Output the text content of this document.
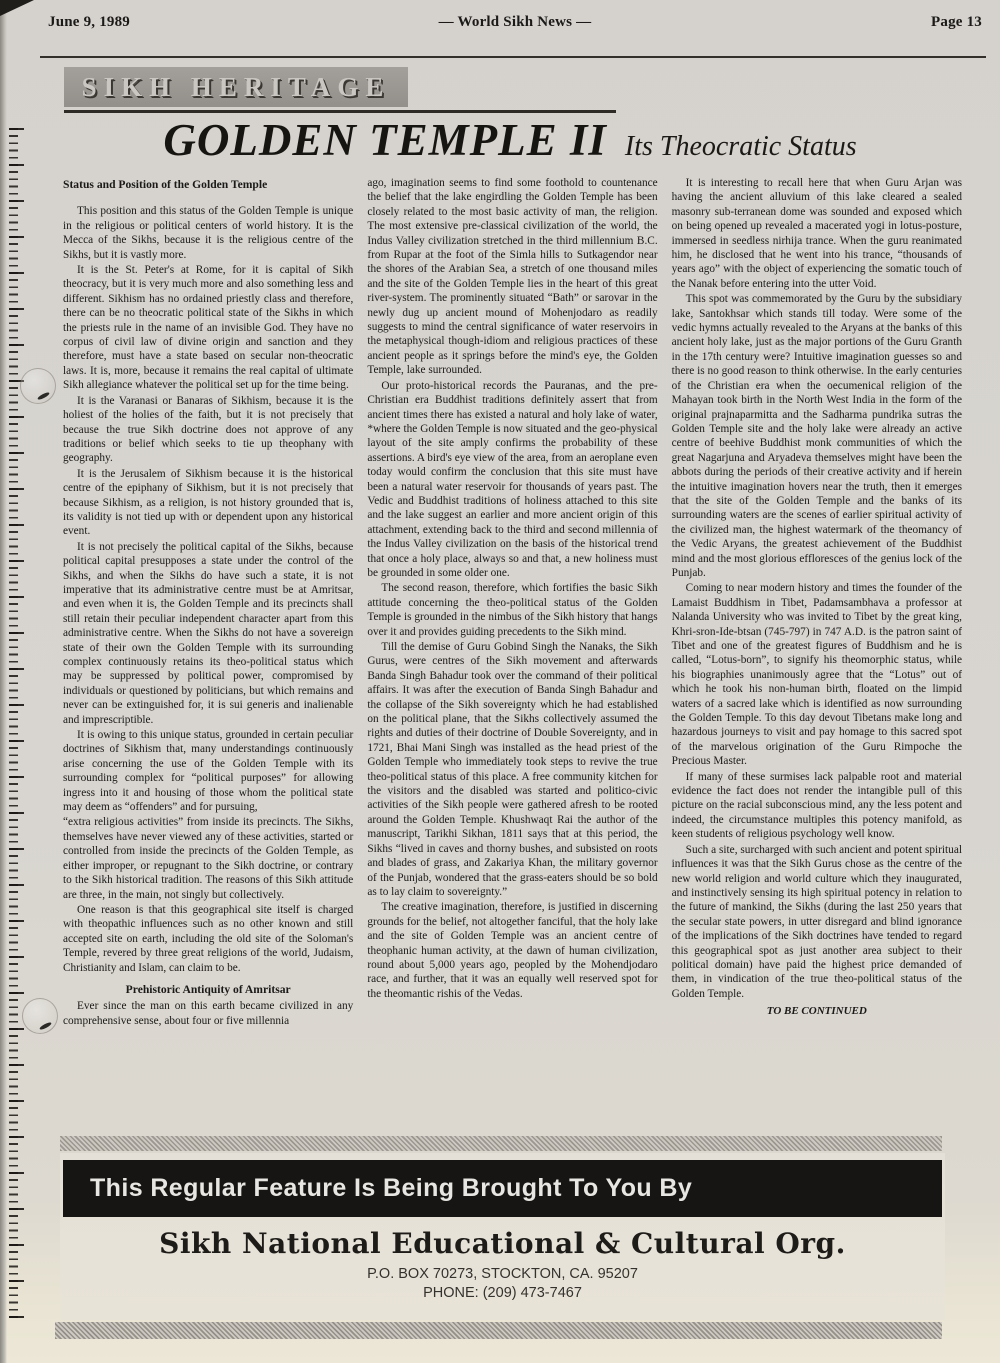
June 9, 1989	— World Sikh News —	Page 13
SIKH HERITAGE
GOLDEN TEMPLE II Its Theocratic Status

Status and Position of the Golden Temple

This position and this status of the Golden Temple is unique in the religious or political centers of world history. It is the Mecca of the Sikhs, because it is the religious centre of the Sikhs, but it is vastly more.

It is the St. Peter's at Rome, for it is capital of Sikh theocracy, but it is very much more and also something less and different. Sikhism has no ordained priestly class and therefore, there can be no theocratic political state of the Sikhs in which the priests rule in the name of an invisible God. They have no corpus of civil law of divine origin and sanction and they therefore, must have a state based on secular non-theocratic laws. It is, more, because it remains the real capital of ultimate Sikh allegiance whatever the political set up for the time being.

It is the Varanasi or Banaras of Sikhism, because it is the holiest of the holies of the faith, but it is not precisely that because the true Sikh doctrine does not approve of any traditions or belief which seeks to tie up theophany with geography.

It is the Jerusalem of Sikhism because it is the historical centre of the epiphany of Sikhism, but it is not precisely that because Sikhism, as a religion, is not history grounded that is, its validity is not tied up with or dependent upon any historical event.

It is not precisely the political capital of the Sikhs, because political capital presupposes a state under the control of the Sikhs, and when the Sikhs do have such a state, it is not imperative that its administrative centre must be at Amritsar, and even when it is, the Golden Temple and its precincts shall still retain their peculiar independent character apart from this administrative centre. When the Sikhs do not have a sovereign state of their own the Golden Temple with its surrounding complex continuously retains its theo-political status which may be suppressed by political power, compromised by individuals or questioned by politicians, but which remains and never can be extinguished for, it is sui generis and inalienable and imprescriptible.

It is owing to this unique status, grounded in certain peculiar doctrines of Sikhism that, many understandings continuously arise concerning the use of the Golden Temple with its surrounding complex for “political purposes” for allowing ingress into it and housing of those whom the political state may deem as “offenders” and for pursuing,

“extra religious activities” from inside its precincts. The Sikhs, themselves have never viewed any of these activities, started or controlled from inside the precincts of the Golden Temple, as either improper, or repugnant to the Sikh doctrine, or contrary to the Sikh historical tradition. The reasons of this Sikh attitude are three, in the main, not singly but collectively.

One reason is that this geographical site itself is charged with theopathic influences such as no other known and still accepted site on earth, including the old site of the Soloman's Temple, revered by three great religions of the world, Judaism, Christianity and Islam, can claim to be.

Prehistoric Antiquity of Amritsar

Ever since the man on this earth became civilized in any comprehensive sense, about four or five millennia

ago, imagination seems to find some foothold to countenance the belief that the lake engirdling the Golden Temple has been closely related to the most basic activity of man, the religion. The most extensive pre-classical civilization of the world, the Indus Valley civilization stretched in the third millennium B.C. from Rupar at the foot of the Simla hills to Sutkagendor near the shores of the Arabian Sea, a stretch of one thousand miles and the site of the Golden Temple lies in the heart of this great river-system. The prominently situated “Bath” or sarovar in the newly dug up ancient mound of Mohenjodaro as readily suggests to mind the central significance of water reservoirs in the metaphysical though-idiom and religious practices of these ancient people as it springs before the mind's eye, the Golden Temple, lake surrounded.

Our proto-historical records the Pauranas, and the pre-Christian era Buddhist traditions definitely assert that from ancient times there has existed a natural and holy lake of water, *where the Golden Temple is now situated and the geo-physical layout of the site amply confirms the probability of these assertions. A bird's eye view of the area, from an aeroplane even today would confirm the conclusion that this site must have been a natural water reservoir for thousands of years past. The Vedic and Buddhist traditions of holiness attached to this site and the lake suggest an earlier and more ancient origin of this attachment, extending back to the third and second millennia of the Indus Valley civilization on the basis of the historical trend that once a holy place, always so and that, a new holiness must be grounded in some older one.

The second reason, therefore, which fortifies the basic Sikh attitude concerning the theo-political status of the Golden Temple is grounded in the nimbus of the Sikh history that hangs over it and provides guiding precedents to the Sikh mind.

Till the demise of Guru Gobind Singh the Nanaks, the Sikh Gurus, were centres of the Sikh movement and afterwards Banda Singh Bahadur took over the command of their political affairs. It was after the execution of Banda Singh Bahadur and the collapse of the Sikh sovereignty which he had established on the political plane, that the Sikhs collectively assumed the rights and duties of their doctrine of Double Sovereignty, and in 1721, Bhai Mani Singh was installed as the head priest of the Golden Temple who immediately took steps to revive the true theo-political status of this place. A free community kitchen for the visitors and the disabled was started and politico-civic activities of the Sikh people were gathered afresh to be rooted around the Golden Temple. Khushwaqt Rai the author of the manuscript, Tarikhi Sikhan, 1811 says that at this period, the Sikhs “lived in caves and thorny bushes, and subsisted on roots and blades of grass, and Zakariya Khan, the military governor of the Punjab, wondered that the grass-eaters should be so bold as to lay claim to sovereignty.”

The creative imagination, therefore, is justified in discerning grounds for the belief, not altogether fanciful, that the holy lake and the site of Golden Temple was an ancient centre of theophanic human activity, at the dawn of human civilization, round about 5,000 years ago, peopled by the Mohendjodaro race, and further, that it was an equally well reserved spot for the theomantic rishis of the Vedas.

It is interesting to recall here that when Guru Arjan was having the ancient alluvium of this lake cleared a sealed masonry sub-terranean dome was sounded and exposed which on being opened up revealed a macerated yogi in lotus-posture, immersed in seedless nirhija trance. When the guru reanimated him, he disclosed that he went into his trance, “thousands of years ago” with the object of experiencing the somatic touch of the Nanak before entering into the utter Void.

This spot was commemorated by the Guru by the subsidiary lake, Santokhsar which stands till today. Were some of the vedic hymns actually revealed to the Aryans at the banks of this ancient holy lake, just as the major portions of the Guru Granth in the 17th century were? Intuitive imagination guesses so and there is no good reason to think otherwise. In the early centuries of the Christian era when the oecumenical religion of the Mahayan took birth in the North West India in the form of the original prajnaparmitta and the Sadharma pundrika sutras the Golden Temple site and the holy lake were already an active centre of beehive Buddhist monk communities of which the great Nagarjuna and Aryadeva themselves might have been the abbots during the periods of their creative activity and if herein the intuitive imagination hovers near the truth, then it emerges that the site of the Golden Temple and the banks of its surrounding waters are the scenes of earlier spiritual activity of the civilized man, the highest watermark of the theomancy of the Vedic Aryans, the greatest achievement of the Buddhist mind and the most glorious effloresces of the genius lock of the Punjab.

Coming to near modern history and times the founder of the Lamaist Buddhism in Tibet, Padamsambhava a professor at Nalanda University who was invited to Tibet by the great king, Khri-sron-Ide-btsan (745-797) in 747 A.D. is the patron saint of Tibet and one of the greatest figures of Buddhism and he is called, “Lotus-born”, to signify his theomorphic status, while his biographies unanimously agree that the “Lotus” out of which he took his non-human birth, floated on the limpid waters of a sacred lake which is identified as now surrounding the Golden Temple. To this day devout Tibetans make long and hazardous journeys to visit and pay homage to this sacred spot of the marvelous origination of the Guru Rimpoche the Precious Master.

If many of these surmises lack palpable root and material evidence the fact does not render the intangible pull of this picture on the racial subconscious mind, any the less potent and indeed, the circumstance multiples this potency manifold, as keen students of religious psychology well know.

Such a site, surcharged with such ancient and potent spiritual influences it was that the Sikh Gurus chose as the centre of the new world religion and world culture which they inaugurated, and instinctively sensing its high spiritual potency in relation to the future of mankind, the Sikhs (during the last 250 years that the secular state powers, in utter disregard and blind ignorance of the implications of the Sikh doctrines have tended to regard this geographical spot as just another area subject to their political domain) have paid the highest price demanded of them, in vindication of the true theo-political status of the Golden Temple.

TO BE CONTINUED

This Regular Feature Is Being Brought To You By
Sikh National Educational & Cultural Org.
P.O. BOX 70273, STOCKTON, CA. 95207
PHONE: (209) 473-7467
